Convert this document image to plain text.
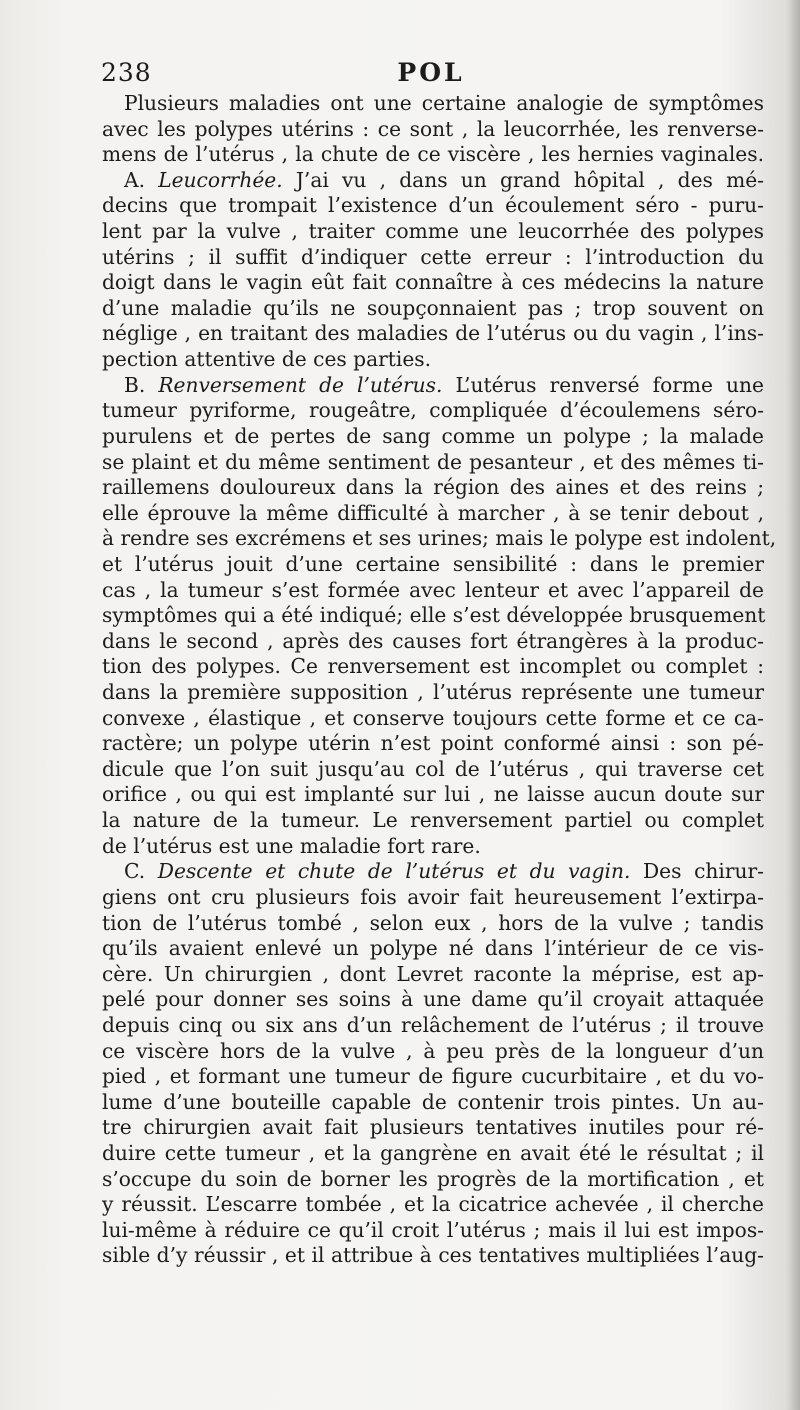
238	POL
Plusieurs maladies ont une certaine analogie de symptômes
avec les polypes utérins : ce sont , la leucorrhée, les renverse-
mens de l’utérus , la chute de ce viscère , les hernies vaginales.
A. Leucorrhée. J’ai vu , dans un grand hôpital , des mé-
decins que trompait l’existence d’un écoulement séro - puru-
lent par la vulve , traiter comme une leucorrhée des polypes
utérins ; il suffit d’indiquer cette erreur : l’introduction du
doigt dans le vagin eût fait connaître à ces médecins la nature
d’une maladie qu’ils ne soupçonnaient pas ; trop souvent on
néglige , en traitant des maladies de l’utérus ou du vagin , l’ins-
pection attentive de ces parties.
B. Renversement de l’utérus. L’utérus renversé forme une
tumeur pyriforme, rougeâtre, compliquée d’écoulemens séro-
purulens et de pertes de sang comme un polype ; la malade
se plaint et du même sentiment de pesanteur , et des mêmes ti-
raillemens douloureux dans la région des aines et des reins ;
elle éprouve la même difficulté à marcher , à se tenir debout ,
à rendre ses excrémens et ses urines; mais le polype est indolent,
et l’utérus jouit d’une certaine sensibilité : dans le premier
cas , la tumeur s’est formée avec lenteur et avec l’appareil de
symptômes qui a été indiqué; elle s’est développée brusquement
dans le second , après des causes fort étrangères à la produc-
tion des polypes. Ce renversement est incomplet ou complet :
dans la première supposition , l’utérus représente une tumeur
convexe , élastique , et conserve toujours cette forme et ce ca-
ractère; un polype utérin n’est point conformé ainsi : son pé-
dicule que l’on suit jusqu’au col de l’utérus , qui traverse cet
orifice , ou qui est implanté sur lui , ne laisse aucun doute sur
la nature de la tumeur. Le renversement partiel ou complet
de l’utérus est une maladie fort rare.
C. Descente et chute de l’utérus et du vagin. Des chirur-
giens ont cru plusieurs fois avoir fait heureusement l’extirpa-
tion de l’utérus tombé , selon eux , hors de la vulve ; tandis
qu’ils avaient enlevé un polype né dans l’intérieur de ce vis-
cère. Un chirurgien , dont Levret raconte la méprise, est ap-
pelé pour donner ses soins à une dame qu’il croyait attaquée
depuis cinq ou six ans d’un relâchement de l’utérus ; il trouve
ce viscère hors de la vulve , à peu près de la longueur d’un
pied , et formant une tumeur de figure cucurbitaire , et du vo-
lume d’une bouteille capable de contenir trois pintes. Un au-
tre chirurgien avait fait plusieurs tentatives inutiles pour ré-
duire cette tumeur , et la gangrène en avait été le résultat ; il
s’occupe du soin de borner les progrès de la mortification , et
y réussit. L’escarre tombée , et la cicatrice achevée , il cherche
lui-même à réduire ce qu’il croit l’utérus ; mais il lui est impos-
sible d’y réussir , et il attribue à ces tentatives multipliées l’aug-
